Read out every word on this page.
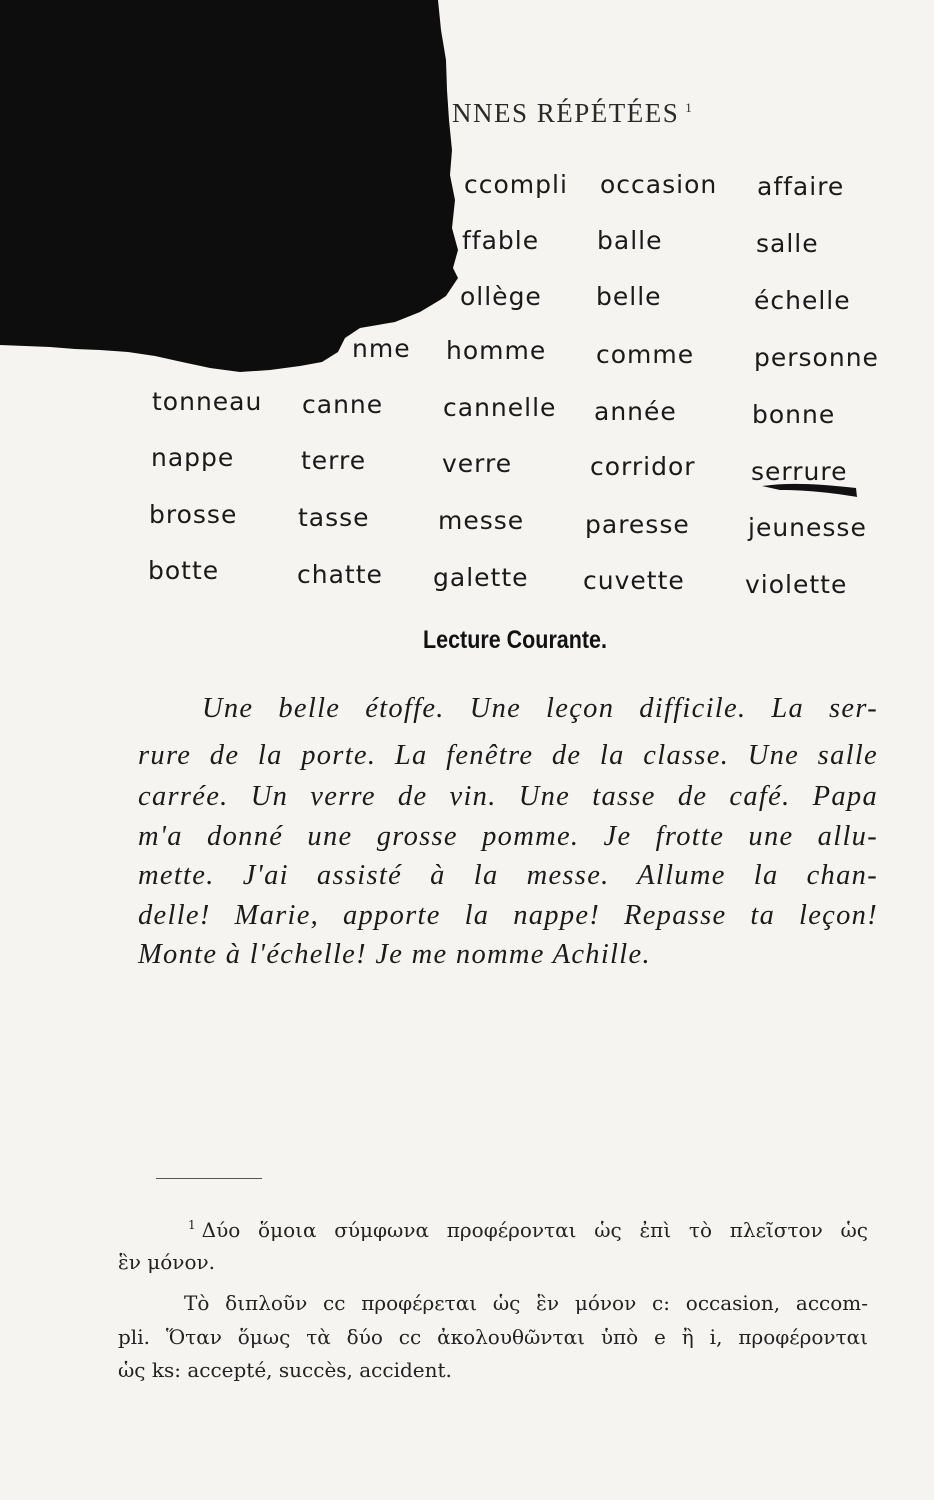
NNES RÉPÉTÉES $^1$
ccompli occasion affaire
ffable balle	salle
ollège belle	échelle
nme homme comme personne
tonneau canne cannelle année	bonne
nappe	terre	verre	corridor serrure
brosse tasse	messe paresse jeunesse
botte	chatte galette cuvette violette
Lecture Courante.
Une belle étoffe. Une leçon difficile. La ser-
rure de la porte. La fenêtre de la classe. Une salle
carrée. Un verre de vin. Une tasse de café. Papa
m'a donné une grosse pomme. Je frotte une allu-
mette. J'ai assisté à la messe. Allume la chan-
delle! Marie, apporte la nappe! Repasse ta leçon!
Monte à l'échelle! Je me nomme Achille.
$^1$ Δύο ὅμοια σύμφωνα προφέρονται ὡς ἐπὶ τὸ πλεῖστον ὡς
ἓν μόνον.
Τὸ διπλοῦν cc προφέρεται ὡς ἓν μόνον c: occasion, accom-
pli. Ὅταν ὅμως τὰ δύο cc ἀκολουθῶνται ὑπὸ e ἢ i, προφέρονται
ὡς ks: accepté, succès, accident.
